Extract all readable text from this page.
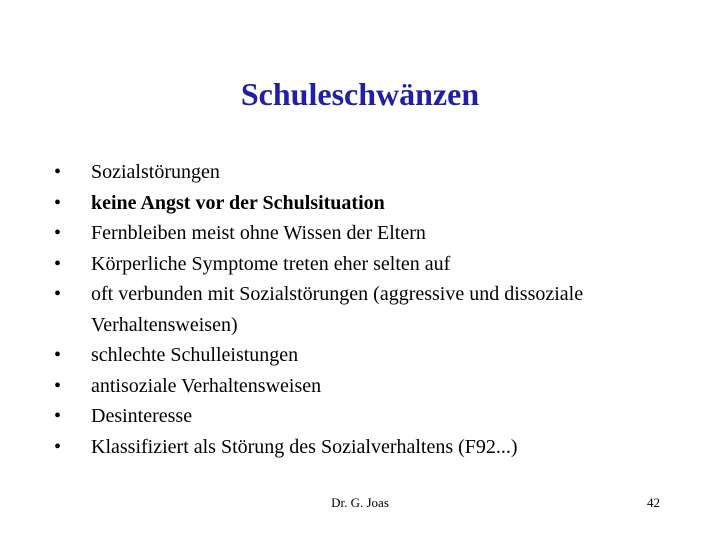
Schuleschwänzen
•	Sozialstörungen
•	keine Angst vor der Schulsituation
•	Fernbleiben meist ohne Wissen der Eltern
•	Körperliche Symptome treten eher selten auf
•	oft verbunden mit Sozialstörungen (aggressive und dissoziale Verhaltensweisen)
•	schlechte Schulleistungen
•	antisoziale Verhaltensweisen
•	Desinteresse
•	Klassifiziert als Störung des Sozialverhaltens (F92...)
Dr. G. Joas	42
